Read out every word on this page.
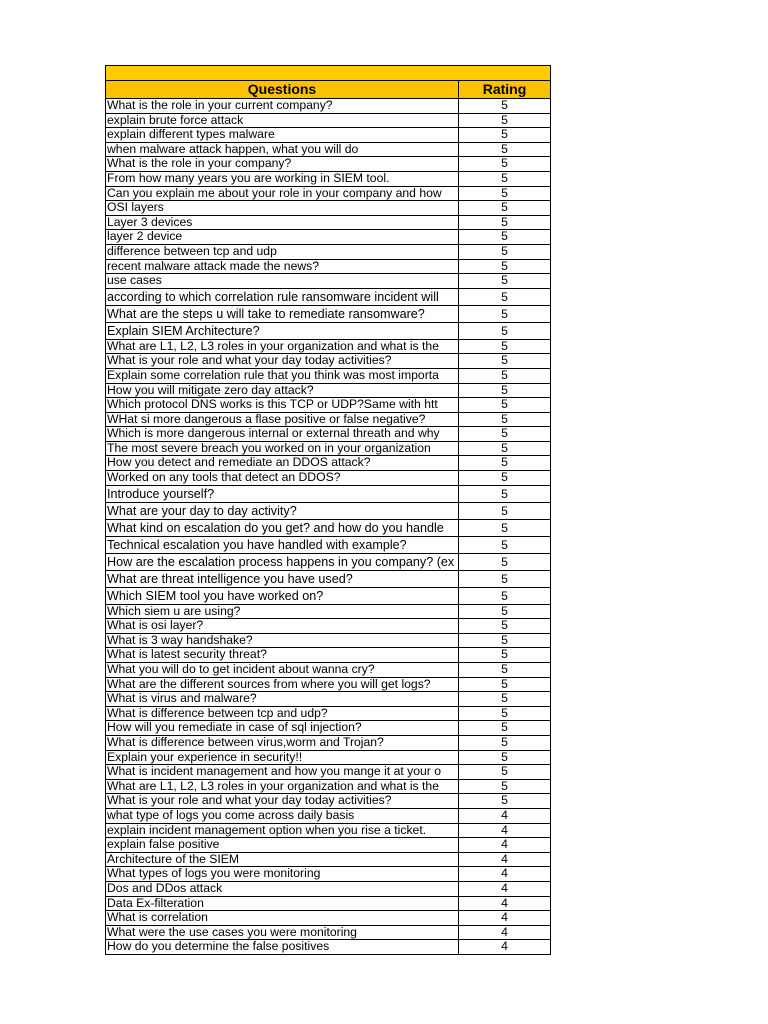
Questions	Rating
What is the role in your current company?	5
explain brute force attack	5
explain different types malware	5
when malware attack happen, what you will do	5
What is the role in your company?	5
From how many years you are working in SIEM tool.	5
Can you explain me about your role in your company and how	5
OSI layers	5
Layer 3 devices	5
layer 2 device	5
difference between tcp and udp	5
recent malware attack made the news?	5
use cases	5
according to which correlation rule ransomware incident will	5
What are the steps u will take to remediate ransomware?	5
Explain SIEM Architecture?	5
What are L1, L2, L3 roles in your organization and what is the	5
What is your role and what your day today activities?	5
Explain some correlation rule that you think was most importa	5
How you will mitigate zero day attack?	5
Which protocol DNS works is this TCP or UDP?Same with htt	5
WHat si more dangerous a flase positive or false negative?	5
Which is more dangerous internal or external threath and why	5
The most severe breach you worked on in your organization	5
How you detect and remediate an DDOS attack?	5
Worked on any tools that detect an DDOS?	5
Introduce yourself?	5
What are your day to day activity?	5
What kind on escalation do you get? and how do you handle	5
Technical escalation you have handled with example?	5
How are the escalation process happens in you company? (ex	5
What are threat intelligence you have used?	5
Which SIEM tool you have worked on?	5
Which siem u are using?	5
What is osi layer?	5
What is 3 way handshake?	5
What is latest security threat?	5
What you will do to get incident about wanna cry?	5
What are the different sources from where you will get logs?	5
What is virus and malware?	5
What is difference between tcp and udp?	5
How will you remediate in case of sql injection?	5
What is difference between virus,worm and Trojan?	5
Explain your experience in security!!	5
What is incident management and how you mange it at your o	5
What are L1, L2, L3 roles in your organization and what is the	5
What is your role and what your day today activities?	5
what type of logs you come across daily basis	4
explain incident management option when you rise a ticket.	4
explain false positive	4
Architecture of the SIEM	4
What types of logs you were monitoring	4
Dos and DDos attack	4
Data Ex-filteration	4
What is correlation	4
What were the use cases you were monitoring	4
How do you determine the false positives	4
